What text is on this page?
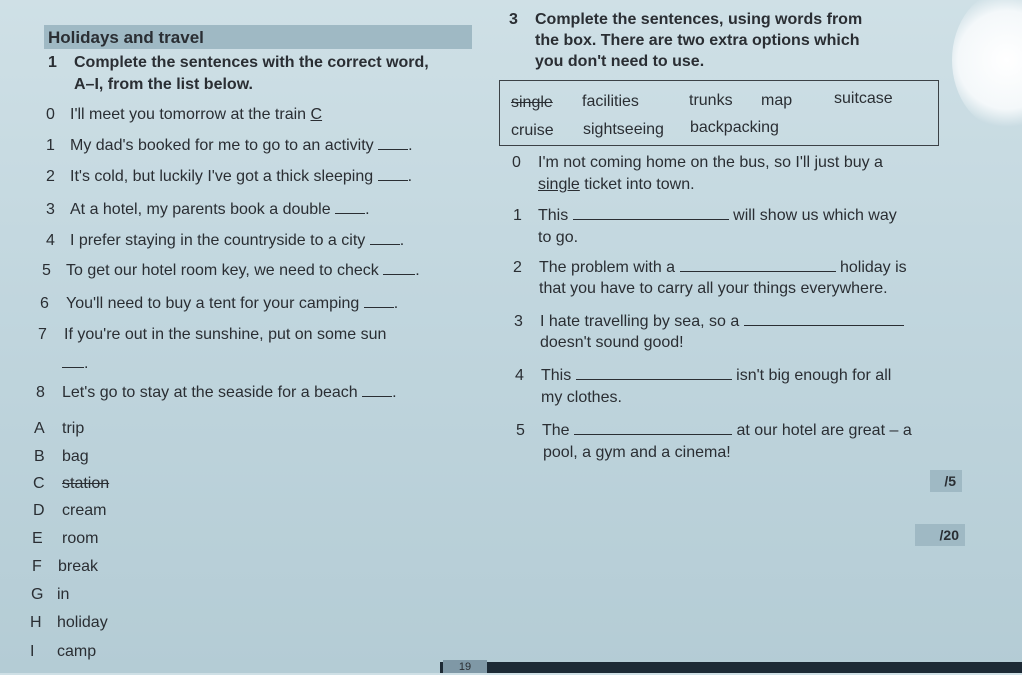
Holidays and travel
1 Complete the sentences with the correct word,
A–I, from the list below.
0 I'll meet you tomorrow at the train C
1 My dad's booked for me to go to an activity .
2 It's cold, but luckily I've got a thick sleeping .
3 At a hotel, my parents book a double .
4 I prefer staying in the countryside to a city .
5 To get our hotel room key, we need to check .
6 You'll need to buy a tent for your camping .
7 If you're out in the sunshine, put on some sun
.
8 Let's go to stay at the seaside for a beach .
A trip
B bag
C station
D cream
E room
F break
G in
H holiday
I camp
3 Complete the sentences, using words from
the box. There are two extra options which
you don't need to use.
single facilities	trunks map	suitcase
cruise sightseeing backpacking
0 I'm not coming home on the bus, so I'll just buy a
single ticket into town.
1 This	will show us which way
to go.
2 The problem with a	holiday is
that you have to carry all your things everywhere.
3 I hate travelling by sea, so a
doesn't sound good!
4 This	isn't big enough for all
my clothes.
5 The	at our hotel are great – a
pool, a gym and a cinema!
/5
/20
19
